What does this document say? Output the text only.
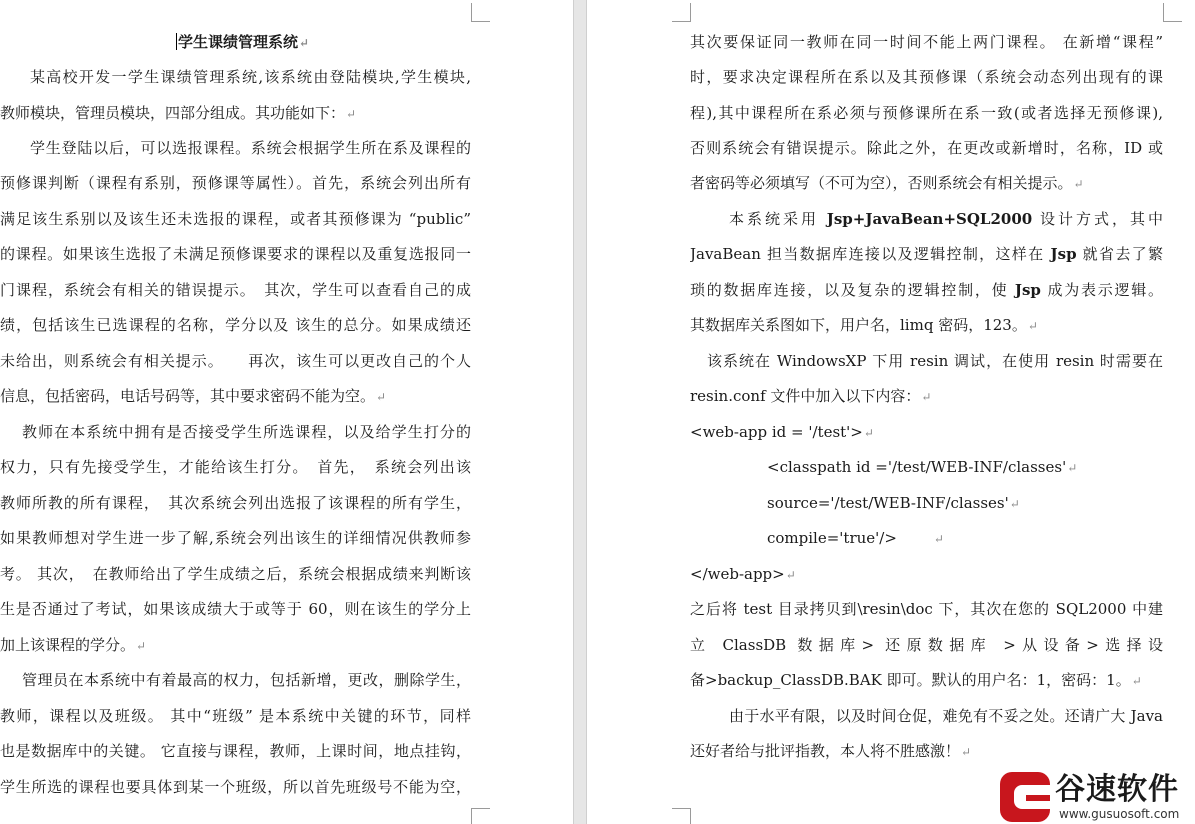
学生课绩管理系统↵
某高校开发一学生课绩管理系统,该系统由登陆模块,学生模块,
教师模块，管理员模块，四部分组成。其功能如下：↵
学生登陆以后，可以选报课程。系统会根据学生所在系及课程的
预修课判断（课程有系别，预修课等属性）。首先，系统会列出所有
满足该生系别以及该生还未选报的课程，或者其预修课为 “public”
的课程。如果该生选报了未满足预修课要求的课程以及重复选报同一
门课程，系统会有相关的错误提示。　其次，学生可以查看自己的成
绩，包括该生已选课程的名称，学分以及 该生的总分。如果成绩还
未给出，则系统会有相关提示。　　再次，该生可以更改自己的个人
信息，包括密码，电话号码等，其中要求密码不能为空。↵
教师在本系统中拥有是否接受学生所选课程，以及给学生打分的
权力，只有先接受学生，才能给该生打分。　首先，　系统会列出该
教师所教的所有课程，　其次系统会列出选报了该课程的所有学生，
如果教师想对学生进一步了解,系统会列出该生的详细情况供教师参
考。 其次，　在教师给出了学生成绩之后，系统会根据成绩来判断该
生是否通过了考试，如果该成绩大于或等于 60，则在该生的学分上
加上该课程的学分。↵
管理员在本系统中有着最高的权力，包括新增，更改，删除学生，
教师，课程以及班级。 其中“班级” 是本系统中关键的环节，同样
也是数据库中的关键。 它直接与课程，教师，上课时间，地点挂钩，
学生所选的课程也要具体到某一个班级，所以首先班级号不能为空，
其次要保证同一教师在同一时间不能上两门课程。 在新增“课程”
时，要求决定课程所在系以及其预修课（系统会动态列出现有的课
程),其中课程所在系必须与预修课所在系一致(或者选择无预修课),
否则系统会有错误提示。除此之外，在更改或新增时，名称，ID 或
者密码等必须填写（不可为空），否则系统会有相关提示。↵
本系统采用 Jsp+JavaBean+SQL2000 设计方式，其中
JavaBean 担当数据库连接以及逻辑控制，这样在 Jsp 就省去了繁
琐的数据库连接，以及复杂的逻辑控制，使 Jsp 成为表示逻辑。
其数据库关系图如下，用户名，limq 密码，123。↵
该系统在 WindowsXP 下用 resin 调试，在使用 resin 时需要在
resin.conf 文件中加入以下内容：↵
<web-app id = '/test'>↵
<classpath id ='/test/WEB-INF/classes'↵
source='/test/WEB-INF/classes'↵
compile='true'/>	↵
</web-app>↵
之后将 test 目录拷贝到\resin\doc 下，其次在您的 SQL2000 中建
立 ClassDB 数据库> 还原数据库 >从设备>选择设
备>backup_ClassDB.BAK 即可。默认的用户名：1，密码：1。↵
由于水平有限，以及时间仓促，难免有不妥之处。还请广大 Java
还好者给与批评指教，本人将不胜感激！↵
谷速软件
www.gusuosoft.com
